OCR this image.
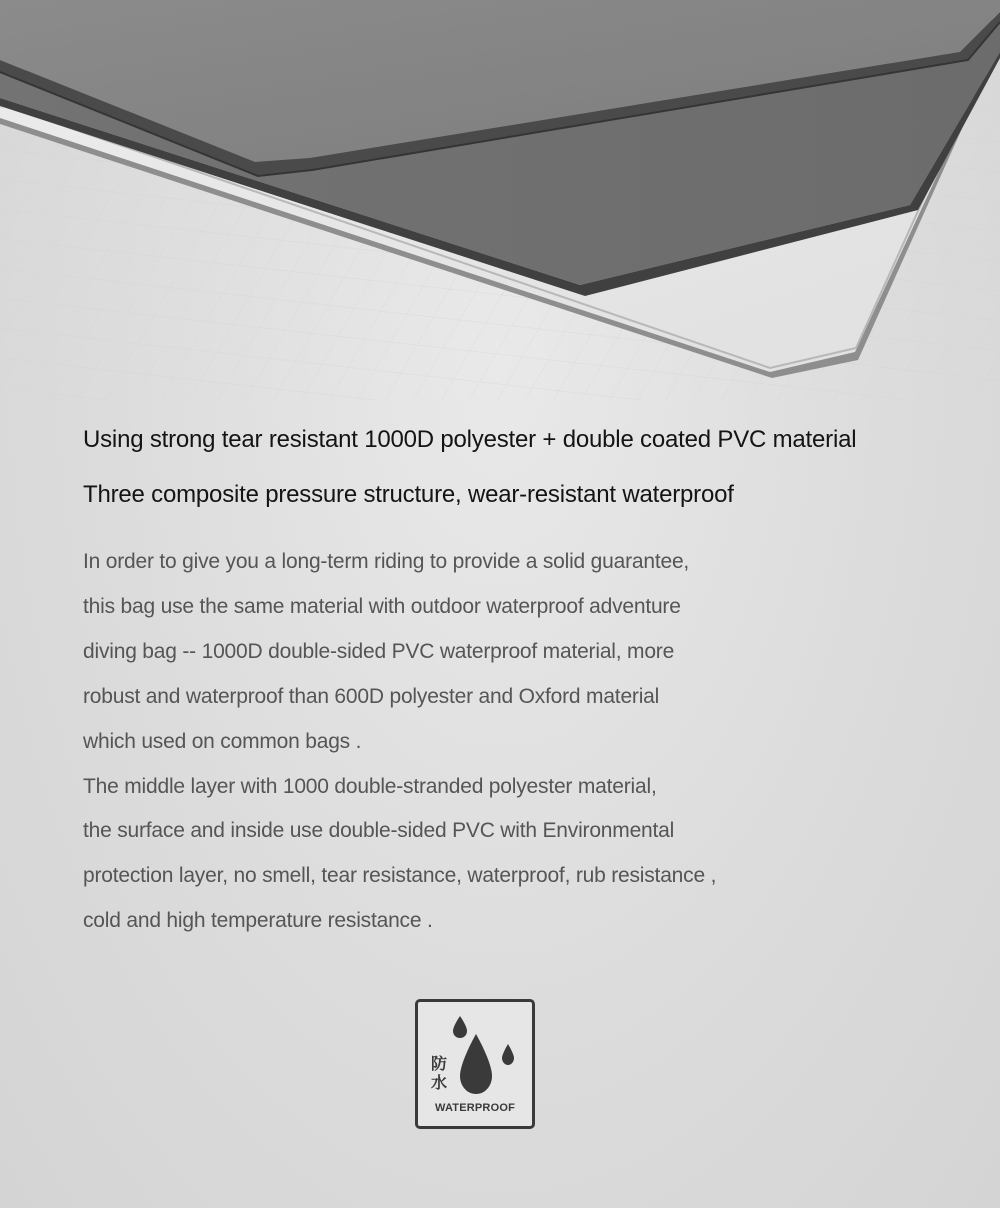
Using strong tear resistant 1000D polyester + double coated PVC material
Three composite pressure structure, wear-resistant waterproof
In order to give you a long-term riding to provide a solid guarantee,
this bag use the same material with outdoor waterproof adventure
diving bag -- 1000D double-sided PVC waterproof material, more
robust and waterproof than 600D polyester and Oxford material
which used on common bags .
The middle layer with 1000 double-stranded polyester material,
the surface and inside use double-sided PVC with Environmental
protection layer, no smell, tear resistance, waterproof, rub resistance ,
cold and high temperature resistance .
防
水
WATERPROOF
